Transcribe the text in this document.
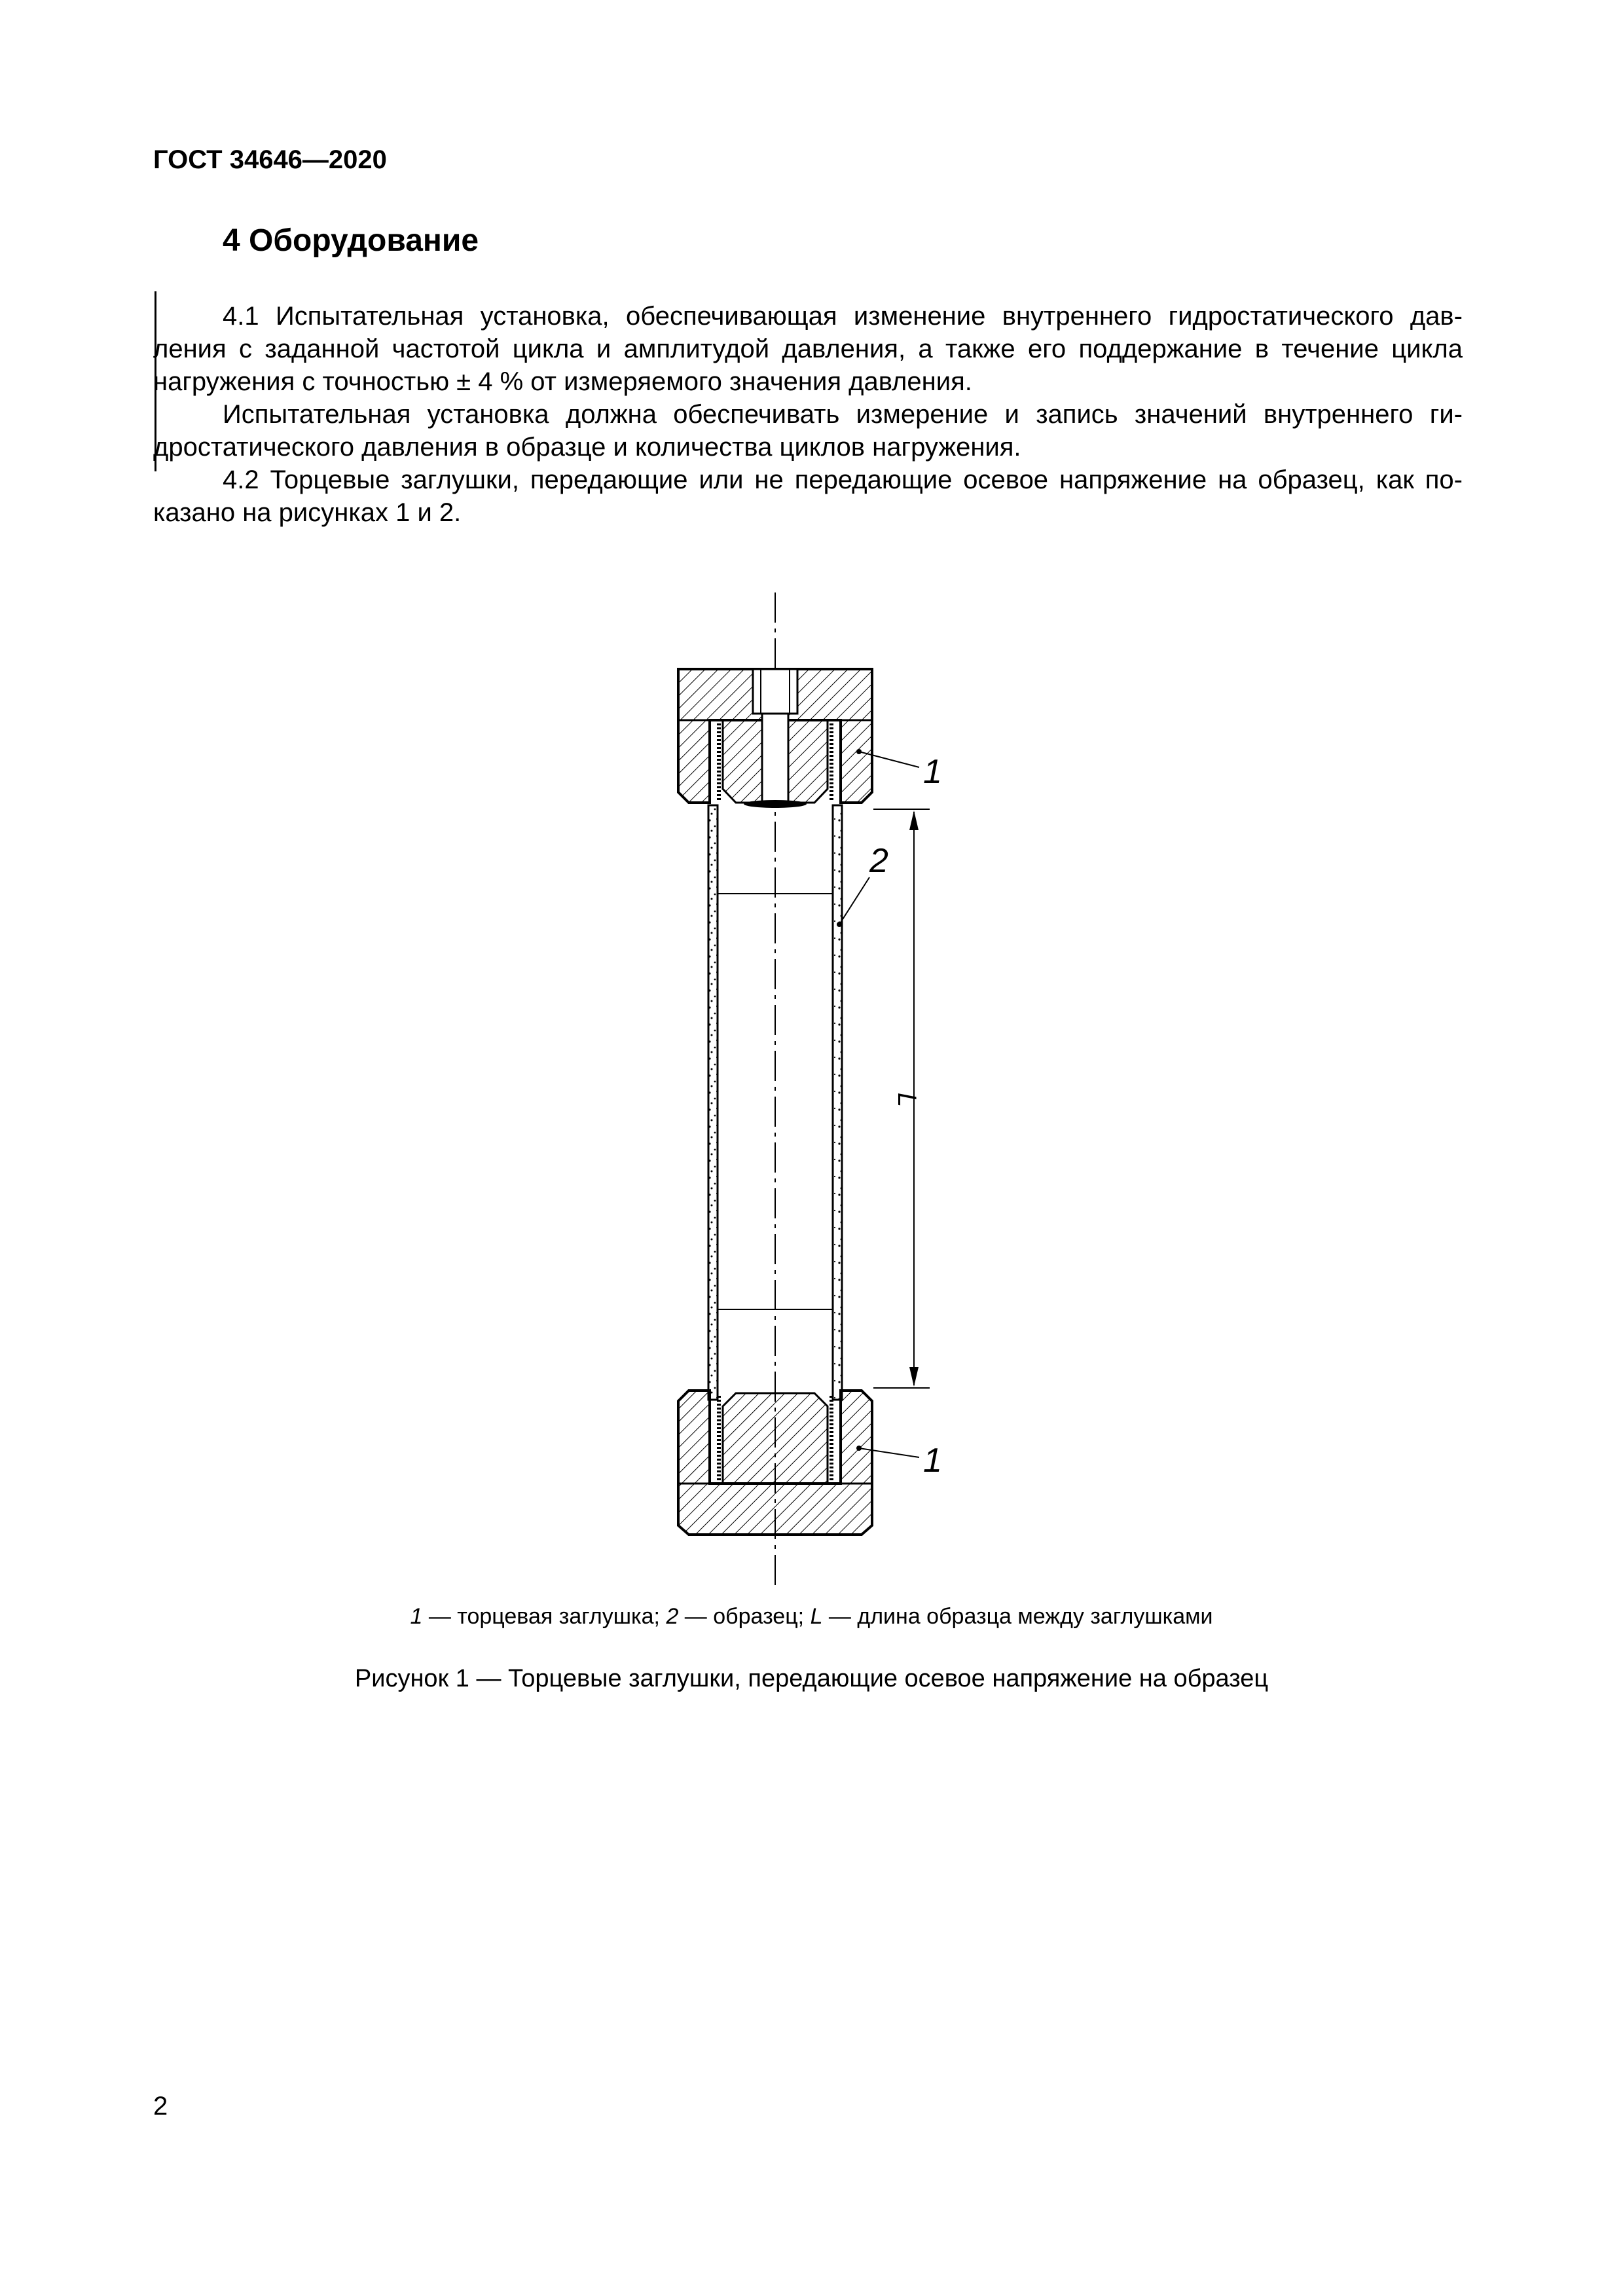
ГОСТ 34646—2020
4 Оборудование
4.1 Испытательная установка, обеспечивающая изменение внутреннего гидростатического дав-
ления с заданной частотой цикла и амплитудой давления, а также его поддержание в течение цикла
нагружения с точностью ± 4 % от измеряемого значения давления.
Испытательная установка должна обеспечивать измерение и запись значений внутреннего ги-
дростатического давления в образце и количества циклов нагружения.
4.2 Торцевые заглушки, передающие или не передающие осевое напряжение на образец, как по-
казано на рисунках 1 и 2.
L
1
2
1
1 — торцевая заглушка; 2 — образец; L — длина образца между заглушками
Рисунок 1 — Торцевые заглушки, передающие осевое напряжение на образец
2
